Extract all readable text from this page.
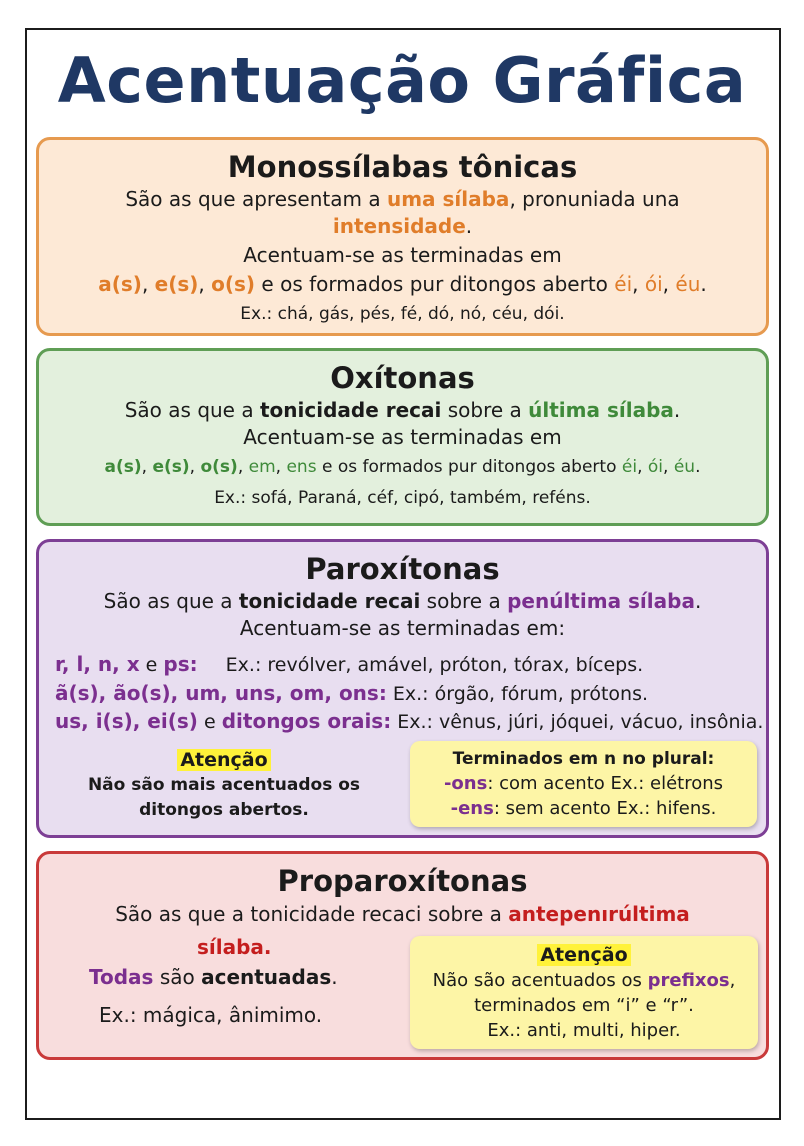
Acentuação Gráfica
Monossílabas tônicas
São as que apresentam a uma sílaba, pronuniada una
intensidade.
Acentuam-se as terminadas em
a(s), e(s), o(s) e os formados pur ditongos aberto éi, ói, éu.
Ex.: chá, gás, pés, fé, dó, nó, céu, dói.
Oxítonas
São as que a tonicidade recai sobre a última sílaba.
Acentuam-se as terminadas em
a(s), e(s), o(s), em, ens e os formados pur ditongos aberto éi, ói, éu.
Ex.: sofá, Paraná, céf, cipó, também, reféns.
Paroxítonas
São as que a tonicidade recai sobre a penúltima sílaba.
Acentuam-se as terminadas em:
r, l, n, x e ps: Ex.: revólver, amável, próton, tórax, bíceps.
ã(s), ão(s), um, uns, om, ons: Ex.: órgão, fórum, prótons.
us, i(s), ei(s) e ditongos orais: Ex.: vênus, júri, jóquei, vácuo, insônia.
Atenção
Não são mais acentuados os
ditongos abertos.
Terminados em n no plural:
-ons: com acento Ex.: elétrons
-ens: sem acento Ex.: hifens.
Proparoxítonas
São as que a tonicidade recaci sobre a antepenırúltima
sílaba.
Todas são acentuadas.
Ex.: mágica, ânimimo.
Atenção
Não são acentuados os prefixos,
terminados em “i” e “r”.
Ex.: anti, multi, hiper.
